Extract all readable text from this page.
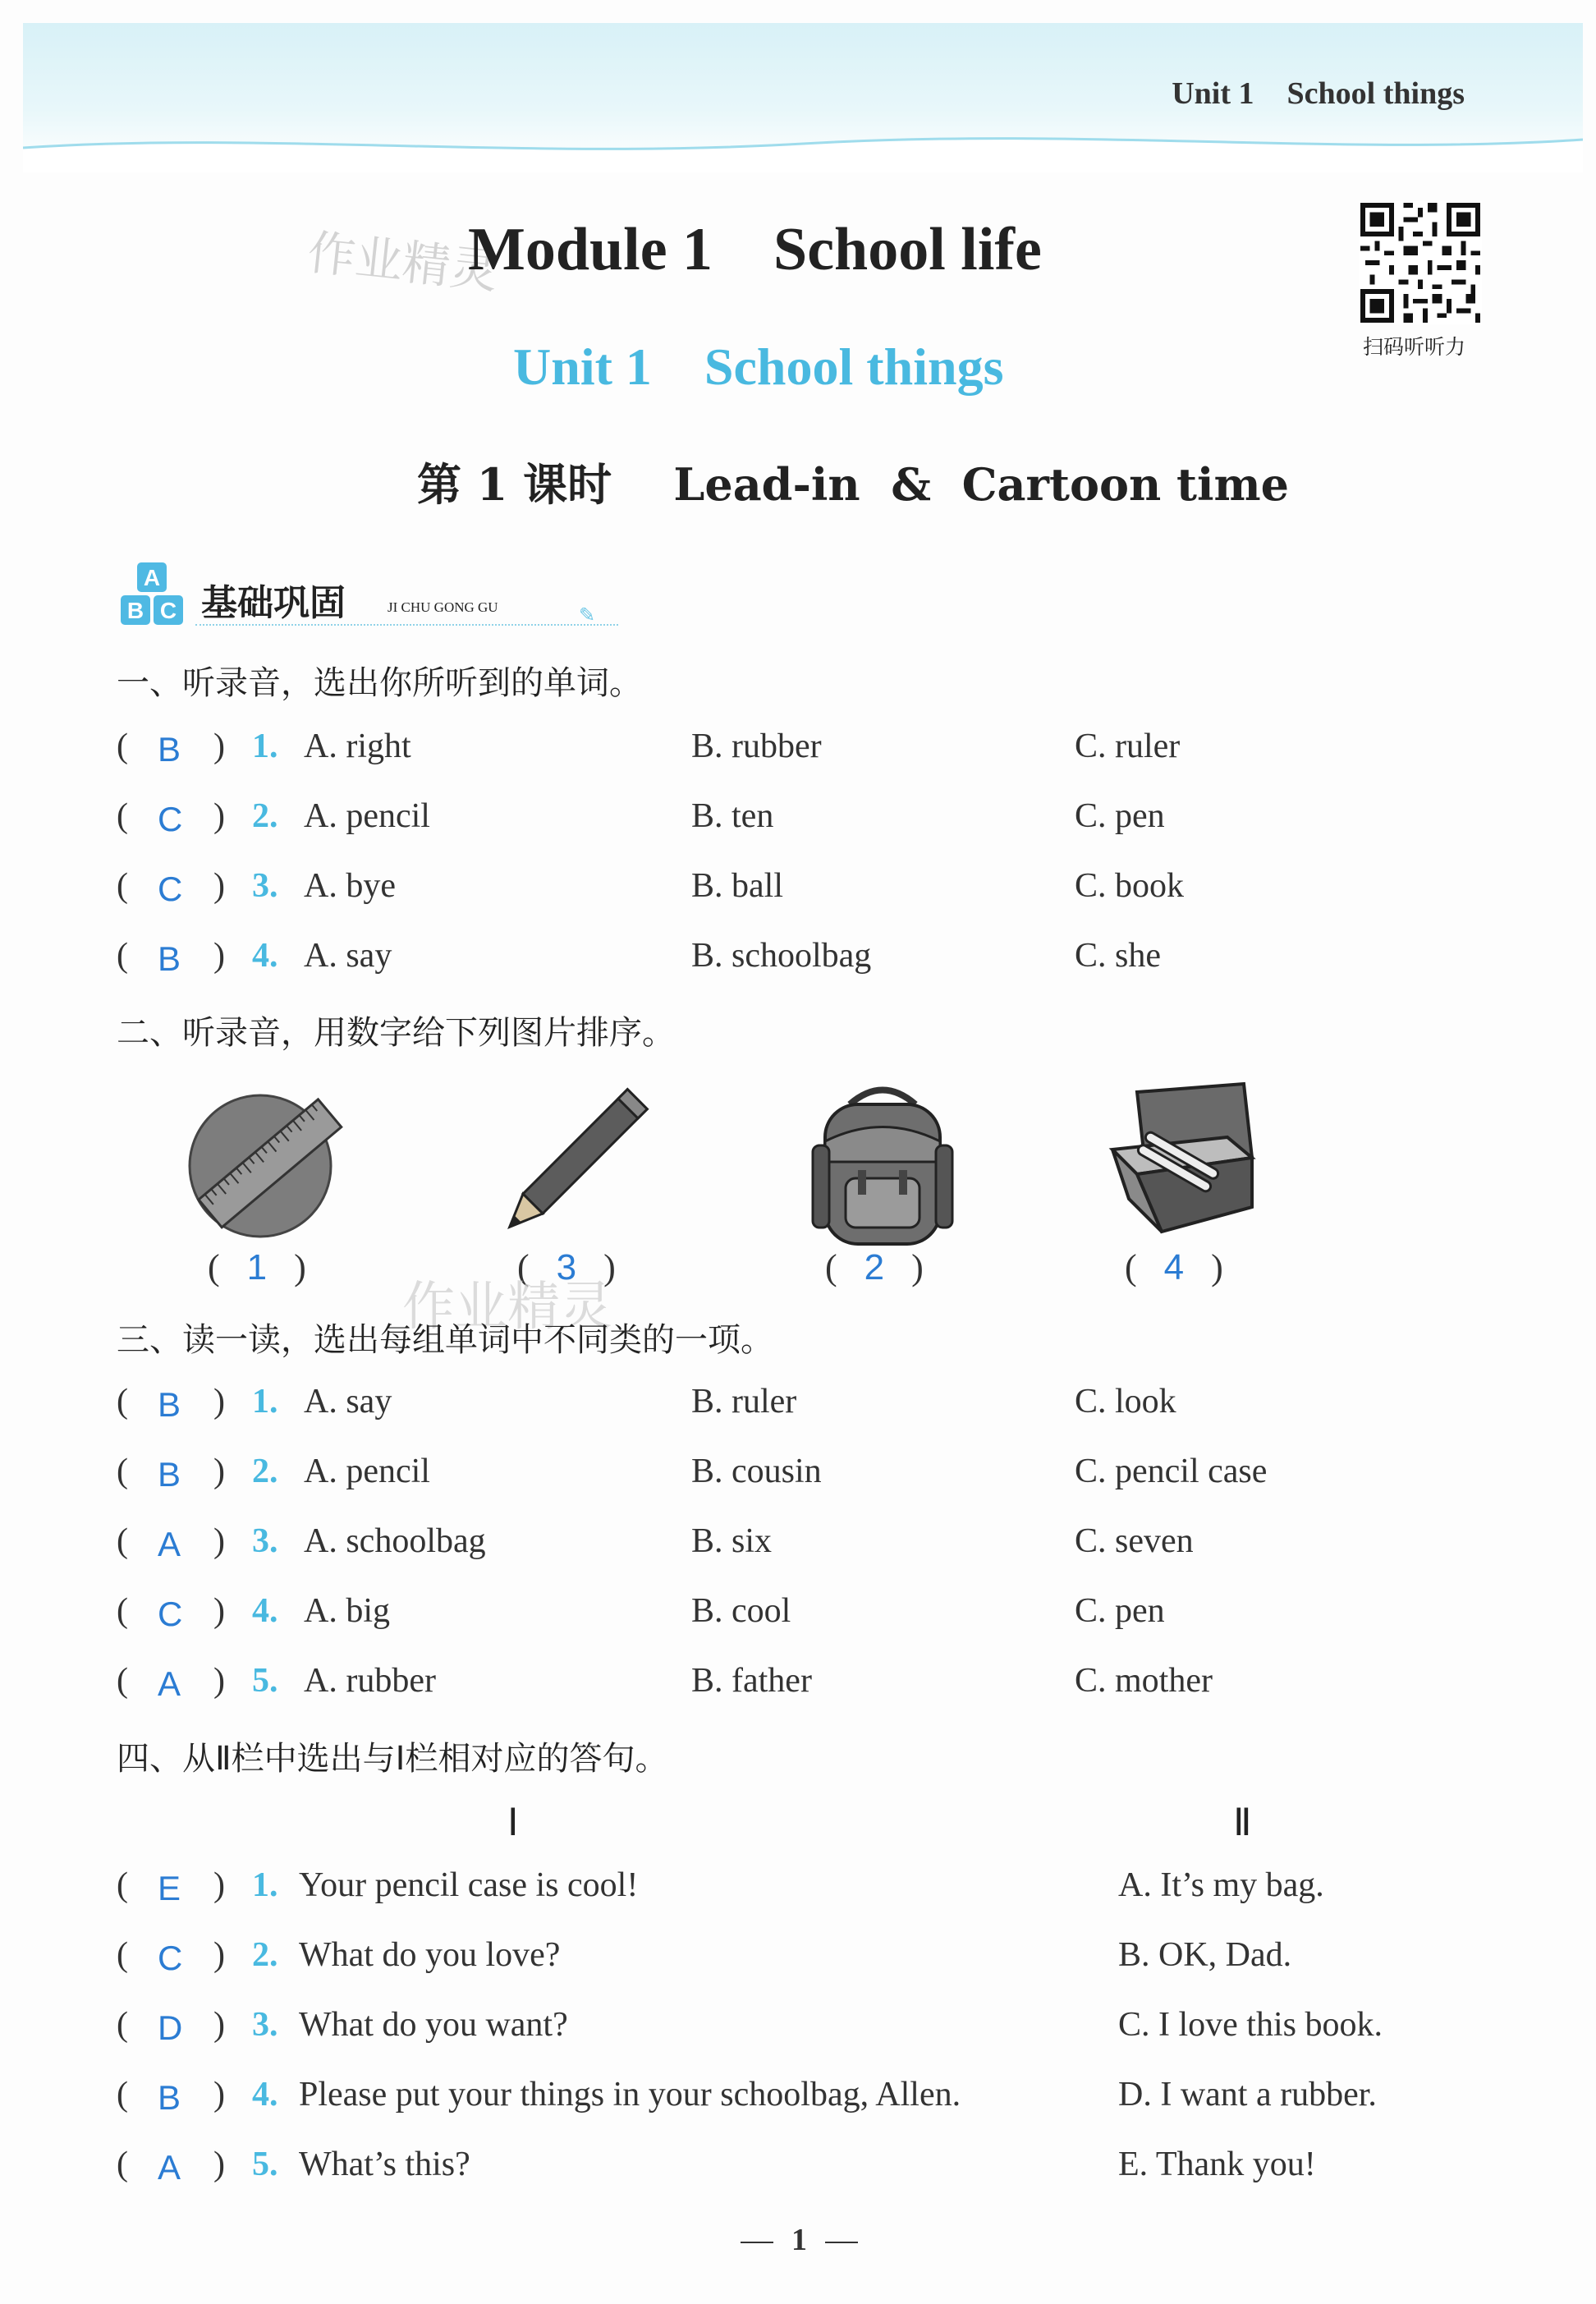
Unit 1 School things
作业精灵
Module 1    School life
Unit 1    School things
第 1 课时    Lead-in  &  Cartoon time
扫码听听力
A
B C 基础巩固	JI CHU GONG GU	✎
一、听录音，选出你所听到的单词。
( B ) 1. A. right	B. rubber	C. ruler
( C ) 2. A. pencil	B. ten	C. pen
( C ) 3. A. bye	B. ball	C. book
( B ) 4. A. say	B. schoolbag	C. she
二、听录音，用数字给下列图片排序。
(   1   )	(   3   )	(   2   )	(   4   )
作业精灵
三、读一读，选出每组单词中不同类的一项。
( B ) 1. A. say	B. ruler	C. look
( B ) 2. A. pencil	B. cousin	C. pencil case
( A ) 3. A. schoolbag	B. six	C. seven
( C ) 4. A. big	B. cool	C. pen
( A ) 5. A. rubber	B. father	C. mother
四、从Ⅱ栏中选出与Ⅰ栏相对应的答句。
Ⅰ	Ⅱ
( E ) 1. Your pencil case is cool!	A. It’s my bag.
( C ) 2. What do you love?	B. OK, Dad.
( D ) 3. What do you want?	C. I love this book.
( B ) 4. Please put your things in your schoolbag, Allen.	D. I want a rubber.
( A ) 5. What’s this?	E. Thank you!
1
